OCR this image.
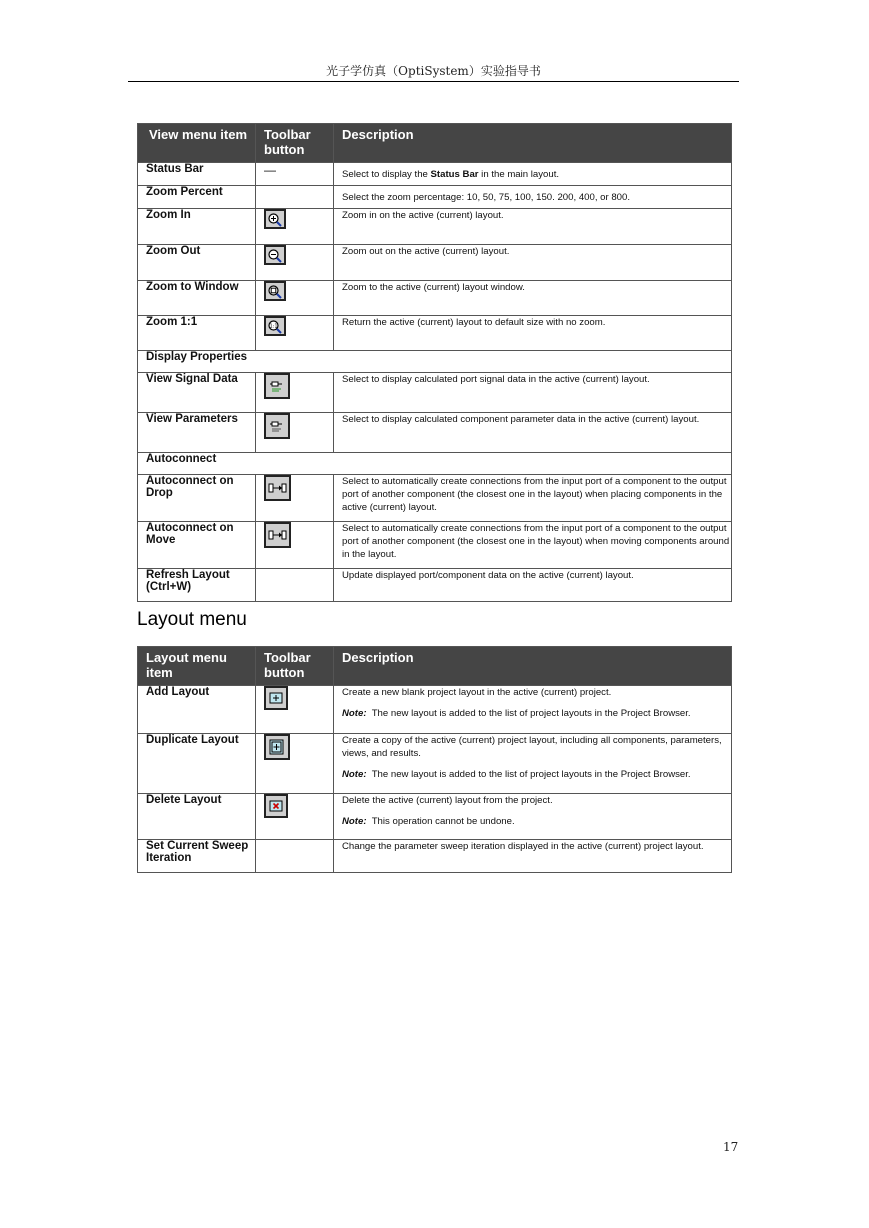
光子学仿真（OptiSystem）实验指导书
View menu item	Toolbar button	Description
Status Bar	—	Select to display the Status Bar in the main layout.
Zoom Percent		Select the zoom percentage: 10, 50, 75, 100, 150. 200, 400, or 800.
Zoom In		Zoom in on the active (current) layout.
Zoom Out		Zoom out on the active (current) layout.
Zoom to Window		Zoom to the active (current) layout window.
Zoom 1:1	1:1	Return the active (current) layout to default size with no zoom.
Display Properties		
View Signal Data		Select to display calculated port signal data in the active (current) layout.
View Parameters		Select to display calculated component parameter data in the active (current) layout.
Autoconnect		
Autoconnect on Drop		Select to automatically create connections from the input port of a component to the output port of another component (the closest one in the layout) when placing components in the active (current) layout.
Autoconnect on Move		Select to automatically create connections from the input port of a component to the output port of another component (the closest one in the layout) when moving components around in the layout.
Refresh Layout (Ctrl+W)		Update displayed port/component data on the active (current) layout.
Layout menu
Layout menu item	Toolbar button	Description
Add Layout		Create a new blank project layout in the active (current) project.
Note: The new layout is added to the list of project layouts in the Project Browser.

Duplicate Layout		Create a copy of the active (current) project layout, including all components, parameters, views, and results.
Note: The new layout is added to the list of project layouts in the Project Browser.

Delete Layout		Delete the active (current) layout from the project.
Note: This operation cannot be undone.

Set Current Sweep Iteration		Change the parameter sweep iteration displayed in the active (current) project layout.
17
